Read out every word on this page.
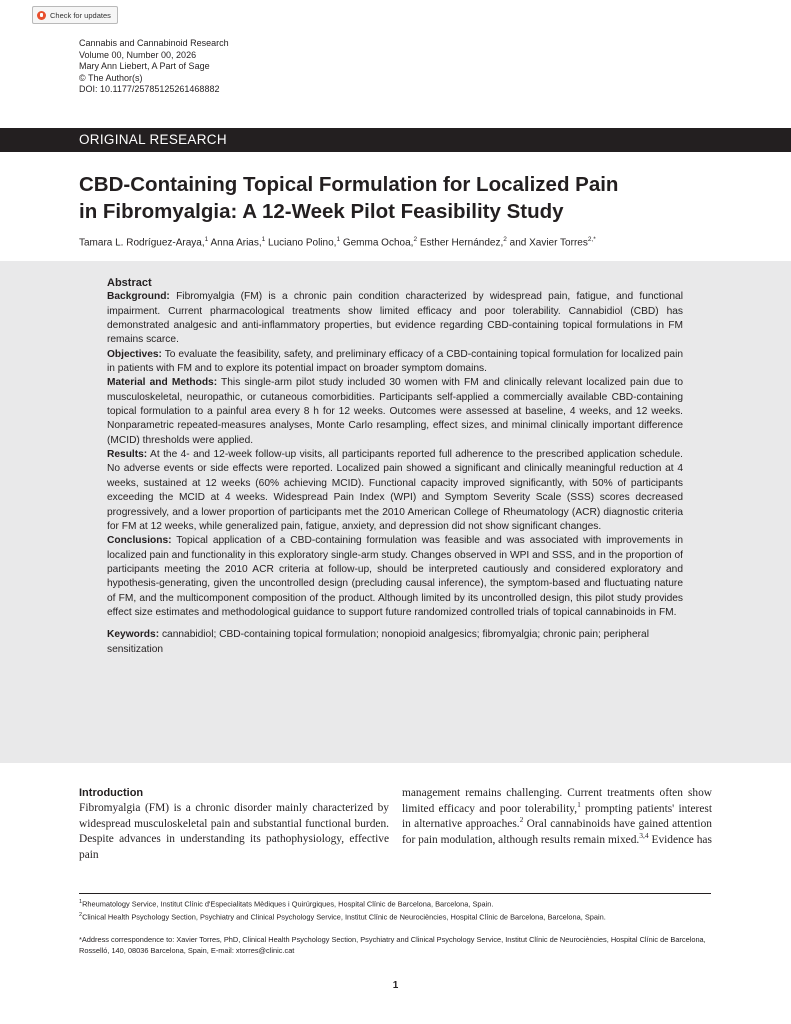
Check for updates
Cannabis and Cannabinoid Research
Volume 00, Number 00, 2026
Mary Ann Liebert, A Part of Sage
© The Author(s)
DOI: 10.1177/25785125261468882
ORIGINAL RESEARCH
CBD-Containing Topical Formulation for Localized Pain
in Fibromyalgia: A 12-Week Pilot Feasibility Study
Tamara L. Rodríguez-Araya,$^1$ Anna Arias,$^1$ Luciano Polino,$^1$ Gemma Ochoa,$^2$ Esther Hernández,$^2$ and Xavier Torres$^{2,*}$

Abstract

Background: Fibromyalgia (FM) is a chronic pain condition characterized by widespread pain, fatigue, and functional impairment. Current pharmacological treatments show limited efficacy and poor tolerability. Cannabidiol (CBD) has demonstrated analgesic and anti-inflammatory properties, but evidence regarding CBD-containing topical formulations in FM remains scarce.

Objectives: To evaluate the feasibility, safety, and preliminary efficacy of a CBD-containing topical formulation for localized pain in patients with FM and to explore its potential impact on broader symptom domains.

Material and Methods: This single-arm pilot study included 30 women with FM and clinically relevant localized pain due to musculoskeletal, neuropathic, or cutaneous comorbidities. Participants self-applied a commercially available CBD-containing topical formulation to a painful area every 8 h for 12 weeks. Outcomes were assessed at baseline, 4 weeks, and 12 weeks. Nonparametric repeated-measures analyses, Monte Carlo resampling, effect sizes, and minimal clinically important difference (MCID) thresholds were applied.

Results: At the 4- and 12-week follow-up visits, all participants reported full adherence to the prescribed application schedule. No adverse events or side effects were reported. Localized pain showed a significant and clinically meaningful reduction at 4 weeks, sustained at 12 weeks (60% achieving MCID). Functional capacity improved significantly, with 50% of participants exceeding the MCID at 4 weeks. Widespread Pain Index (WPI) and Symptom Severity Scale (SSS) scores decreased progressively, and a lower proportion of participants met the 2010 American College of Rheumatology (ACR) diagnostic criteria for FM at 12 weeks, while generalized pain, fatigue, anxiety, and depression did not show significant changes.

Conclusions: Topical application of a CBD-containing formulation was feasible and was associated with improvements in localized pain and functionality in this exploratory single-arm study. Changes observed in WPI and SSS, and in the proportion of participants meeting the 2010 ACR criteria at follow-up, should be interpreted cautiously and considered exploratory and hypothesis-generating, given the uncontrolled design (precluding causal inference), the symptom-based and fluctuating nature of FM, and the multicomponent composition of the product. Although limited by its uncontrolled design, this pilot study provides effect size estimates and methodological guidance to support future randomized controlled trials of topical cannabinoids in FM.

Keywords: cannabidiol; CBD-containing topical formulation; nonopioid analgesics; fibromyalgia; chronic pain; peripheral sensitization

Introduction

Fibromyalgia (FM) is a chronic disorder mainly characterized by widespread musculoskeletal pain and substantial functional burden. Despite advances in understanding its pathophysiology, effective pain

management remains challenging. Current treatments often show limited efficacy and poor tolerability,$^1$ prompting patients' interest in alternative approaches.$^2$ Oral cannabinoids have gained attention for pain modulation, although results remain mixed.$^{3,4}$ Evidence has

$^1$Rheumatology Service, Institut Clínic d'Especialitats Mèdiques i Quirúrgiques, Hospital Clínic de Barcelona, Barcelona, Spain.

$^2$Clinical Health Psychology Section, Psychiatry and Clinical Psychology Service, Institut Clínic de Neurociències, Hospital Clínic de Barcelona, Barcelona, Spain.

*Address correspondence to: Xavier Torres, PhD, Clinical Health Psychology Section, Psychiatry and Clinical Psychology Service, Institut Clínic de Neurociències, Hospital Clínic de Barcelona, Rosselló, 140, 08036 Barcelona, Spain, E-mail: xtorres@clinic.cat

1
